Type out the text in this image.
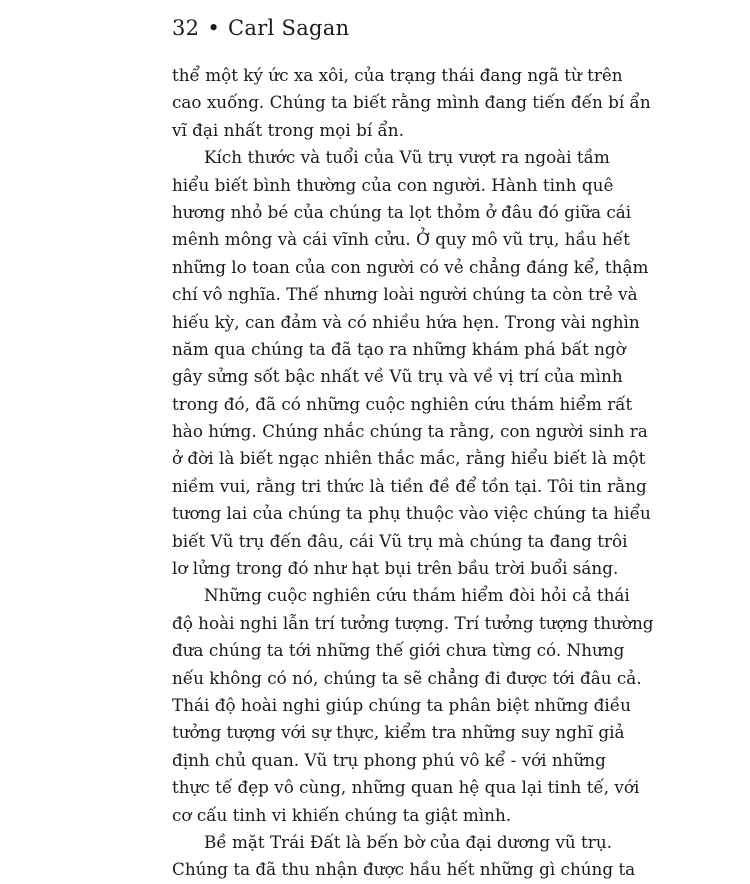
32 • Carl Sagan
thể một ký ức xa xôi, của trạng thái đang ngã từ trên
cao xuống. Chúng ta biết rằng mình đang tiến đến bí ẩn
vĩ đại nhất trong mọi bí ẩn.
Kích thước và tuổi của Vũ trụ vượt ra ngoài tầm
hiểu biết bình thường của con người. Hành tinh quê
hương nhỏ bé của chúng ta lọt thỏm ở đâu đó giữa cái
mênh mông và cái vĩnh cửu. Ở quy mô vũ trụ, hầu hết
những lo toan của con người có vẻ chẳng đáng kể, thậm
chí vô nghĩa. Thế nhưng loài người chúng ta còn trẻ và
hiếu kỳ, can đảm và có nhiều hứa hẹn. Trong vài nghìn
năm qua chúng ta đã tạo ra những khám phá bất ngờ
gây sửng sốt bậc nhất về Vũ trụ và về vị trí của mình
trong đó, đã có những cuộc nghiên cứu thám hiểm rất
hào hứng. Chúng nhắc chúng ta rằng, con người sinh ra
ở đời là biết ngạc nhiên thắc mắc, rằng hiểu biết là một
niềm vui, rằng tri thức là tiền đề để tồn tại. Tôi tin rằng
tương lai của chúng ta phụ thuộc vào việc chúng ta hiểu
biết Vũ trụ đến đâu, cái Vũ trụ mà chúng ta đang trôi
lơ lửng trong đó như hạt bụi trên bầu trời buổi sáng.
Những cuộc nghiên cứu thám hiểm đòi hỏi cả thái
độ hoài nghi lẫn trí tưởng tượng. Trí tưởng tượng thường
đưa chúng ta tới những thế giới chưa từng có. Nhưng
nếu không có nó, chúng ta sẽ chẳng đi được tới đâu cả.
Thái độ hoài nghi giúp chúng ta phân biệt những điều
tưởng tượng với sự thực, kiểm tra những suy nghĩ giả
định chủ quan. Vũ trụ phong phú vô kể - với những
thực tế đẹp vô cùng, những quan hệ qua lại tinh tế, với
cơ cấu tinh vi khiến chúng ta giật mình.
Bề mặt Trái Đất là bến bờ của đại dương vũ trụ.
Chúng ta đã thu nhận được hầu hết những gì chúng ta
